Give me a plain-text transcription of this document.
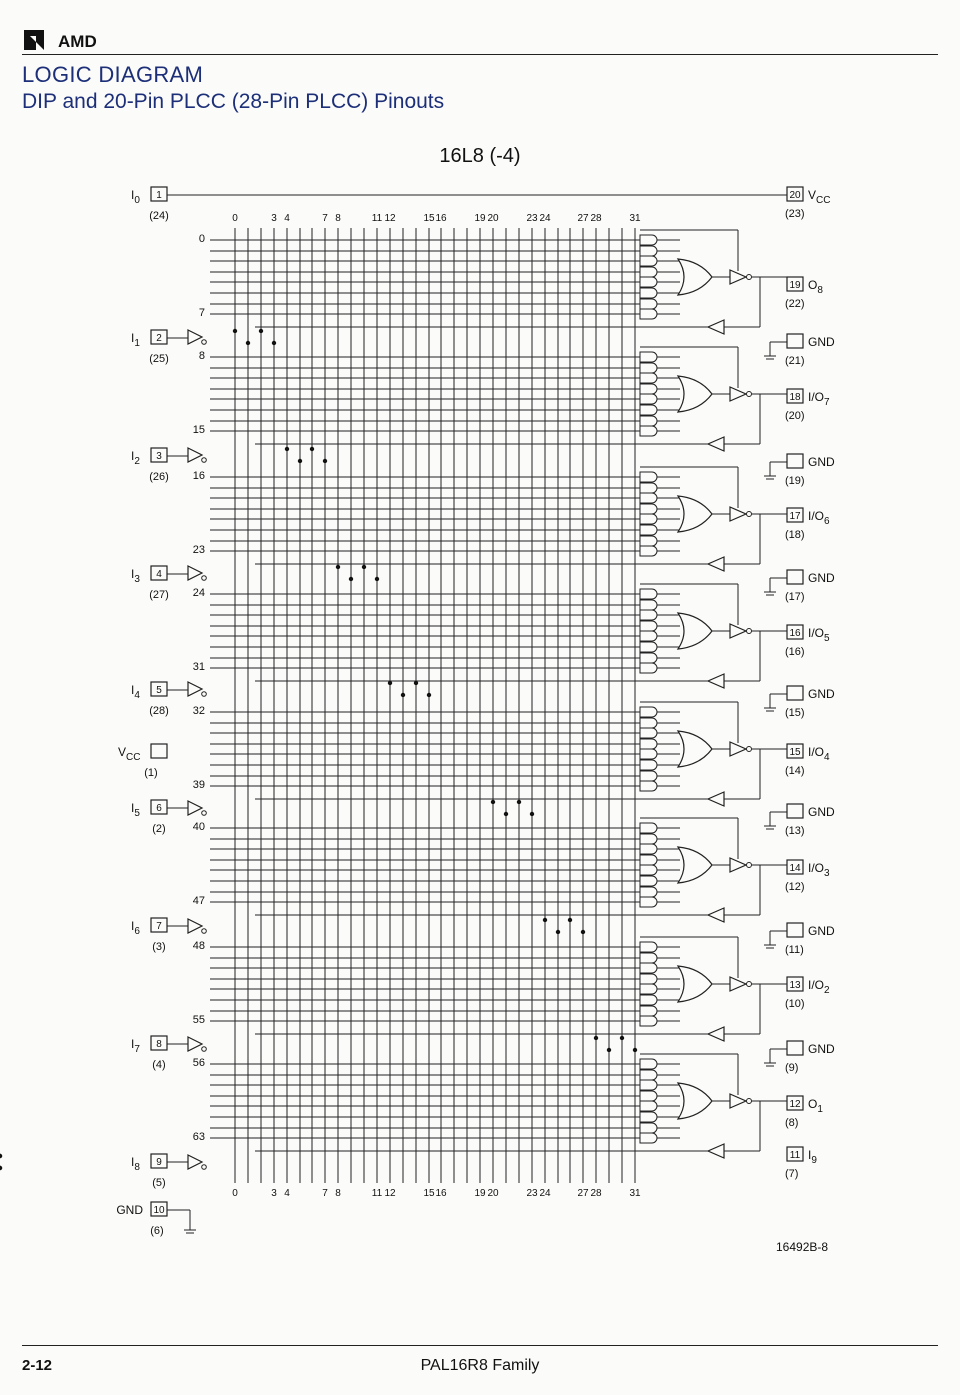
AMD
LOGIC DIAGRAM
DIP and 20-Pin PLCC (28-Pin PLCC) Pinouts
16L8 (-4)
0
0
3
3
4
4
7
7
8
8
11
11
12
12
15
15
16
16
19
19
20
20
23
23
24
24
27
27
28
28
31
31
0
7
8
15
16
23
24
31
32
39
40
47
48
55
56
63
$I_0$ 1
(24)
$I_1$ 2
(25)
$I_2$ 3
(26)
$I_3$ 4
(27)
$I_4$ 5
(28)
$V_{CC}$
(1)
$I_5$ 6
(2)
$I_6$ 7
(3)
$I_7$ 8
(4)
$I_8$ 9
(5)
GND 10
(6)
20 $V_{CC}$
(23)
19 $O_8$
(22)
GND
(21)
18 $I/O_7$
(20)
GND
(19)
17 $I/O_6$
(18)
GND
(17)
16 $I/O_5$
(16)
GND
(15)
15 $I/O_4$
(14)
GND
(13)
14 $I/O_3$
(12)
GND
(11)
13 $I/O_2$
(10)
GND
(9)
12 $O_1$
(8)
11 $I_9$
(7)
16492B-8
2-12	PAL16R8 Family
